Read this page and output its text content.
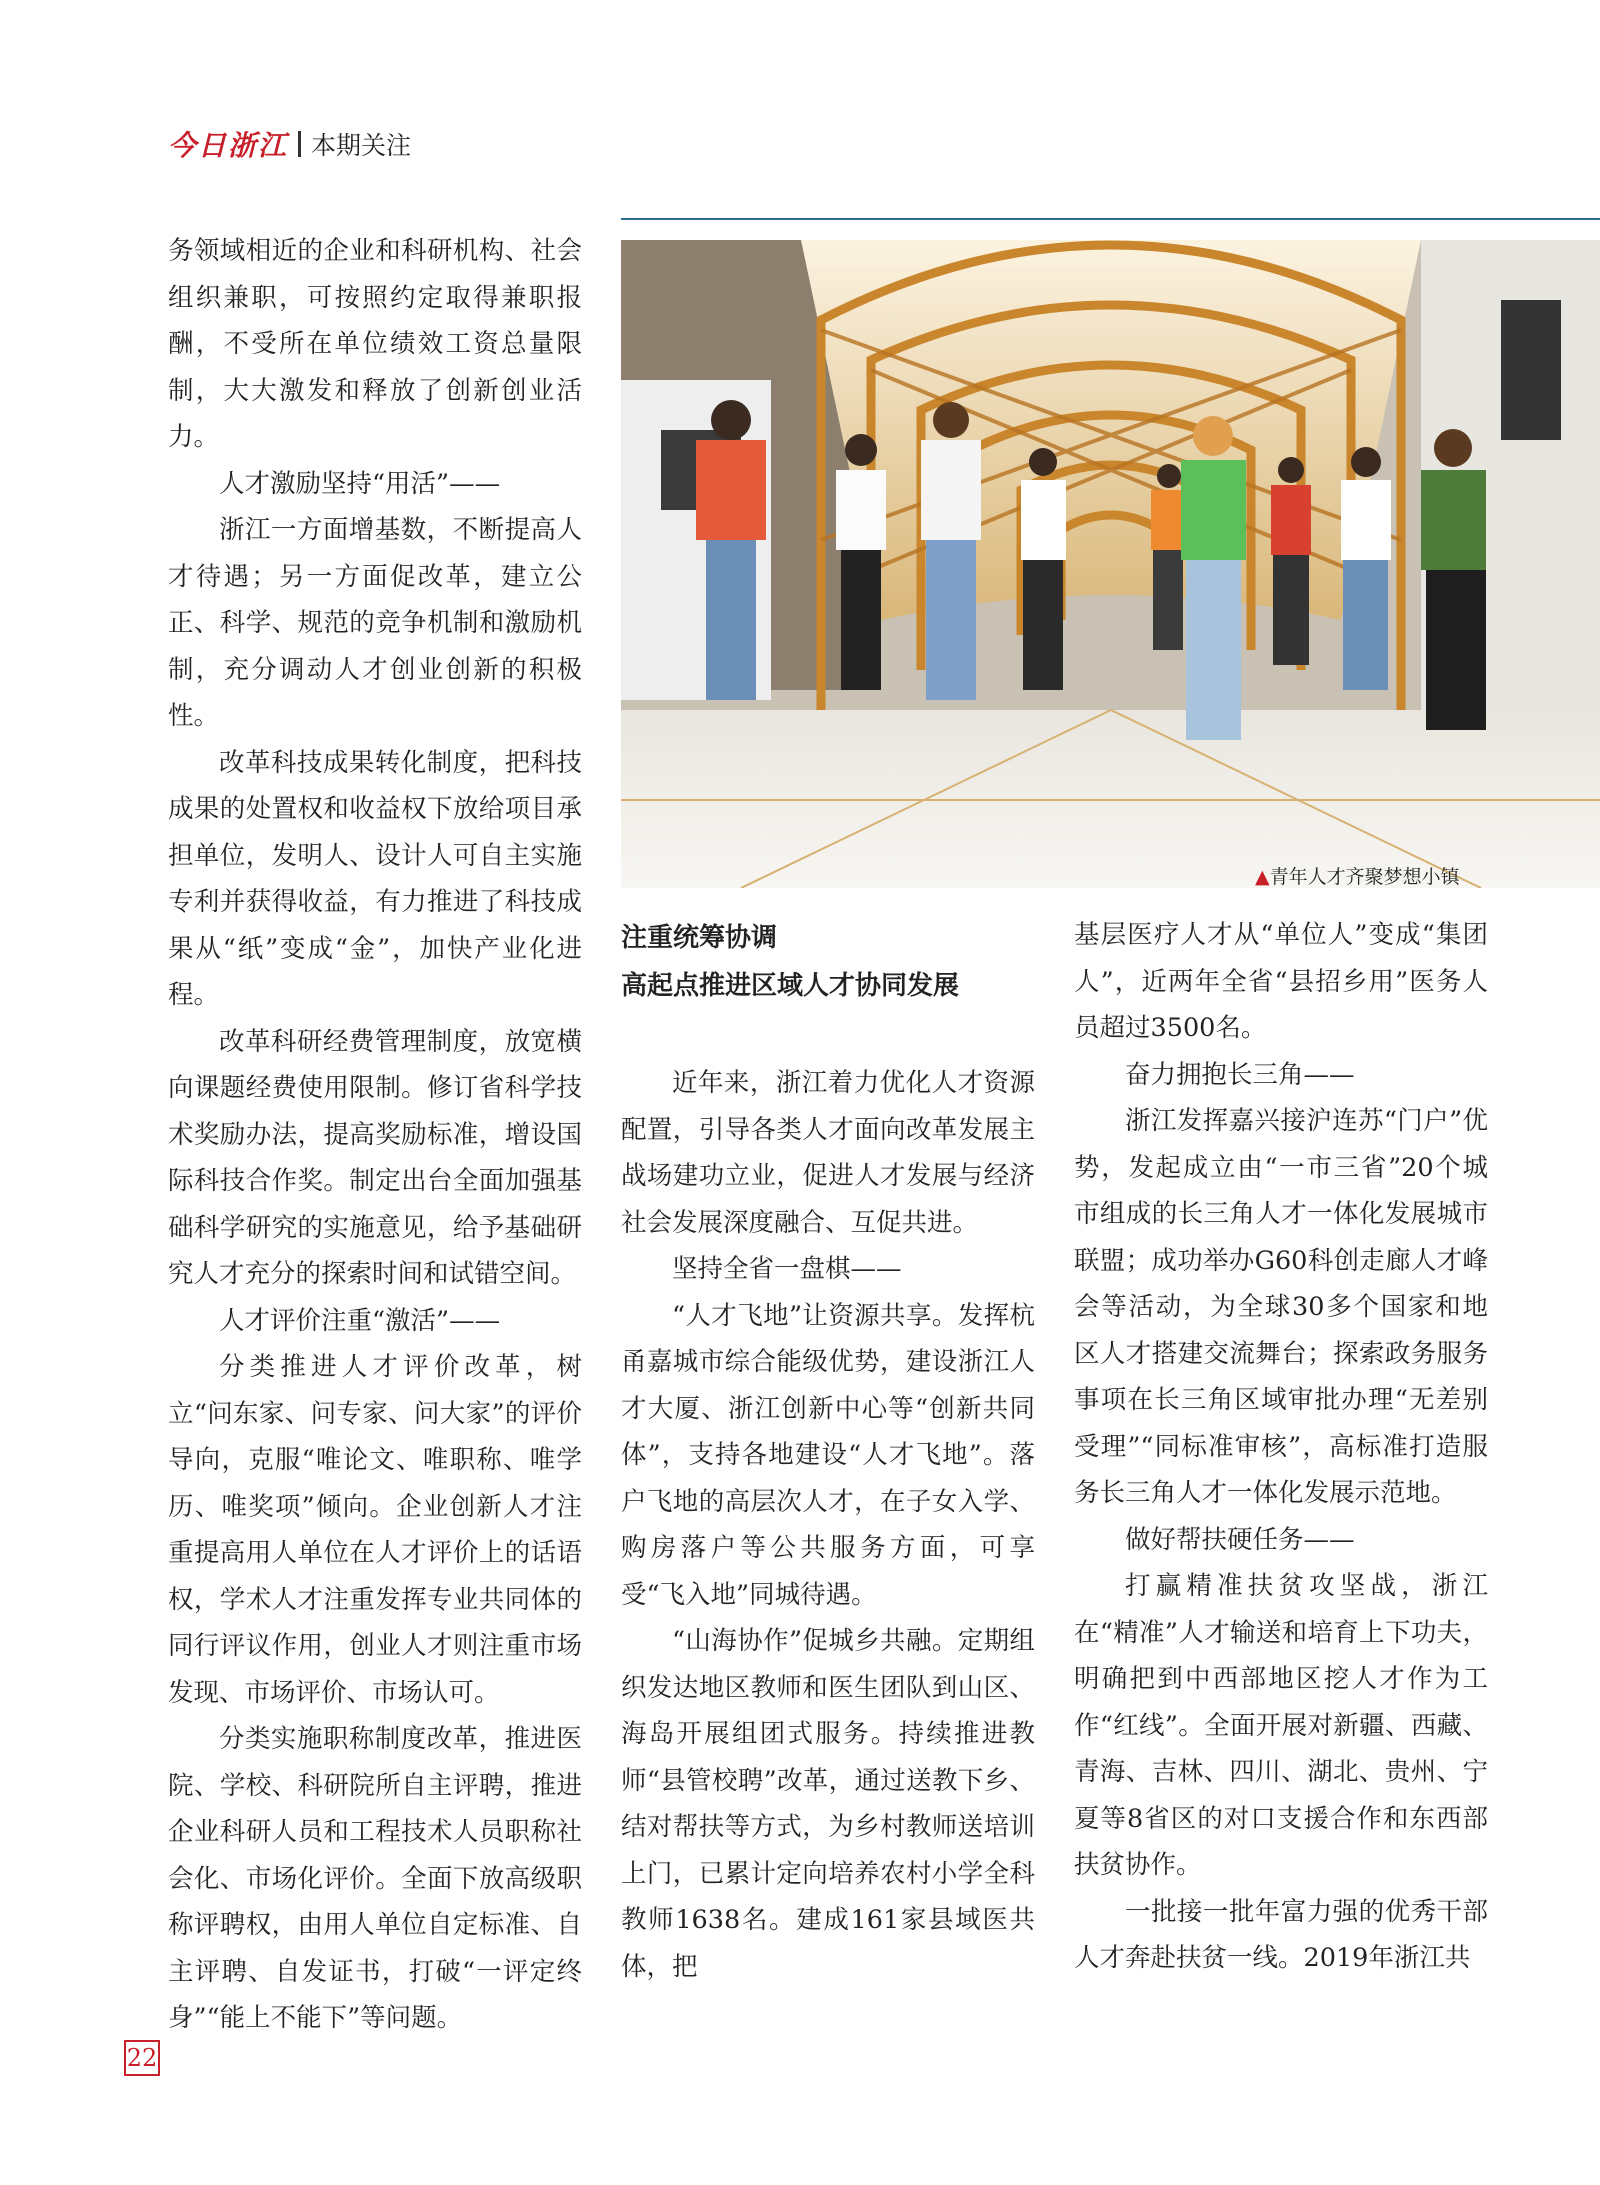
今日浙江 本期关注

务领域相近的企业和科研机构、社会组织兼职，可按照约定取得兼职报酬，不受所在单位绩效工资总量限制，大大激发和释放了创新创业活力。

人才激励坚持“用活”——

浙江一方面增基数，不断提高人才待遇；另一方面促改革，建立公正、科学、规范的竞争机制和激励机制，充分调动人才创业创新的积极性。

改革科技成果转化制度，把科技成果的处置权和收益权下放给项目承担单位，发明人、设计人可自主实施专利并获得收益，有力推进了科技成果从“纸”变成“金”，加快产业化进程。

改革科研经费管理制度，放宽横向课题经费使用限制。修订省科学技术奖励办法，提高奖励标准，增设国际科技合作奖。制定出台全面加强基础科学研究的实施意见，给予基础研究人才充分的探索时间和试错空间。

人才评价注重“激活”——

分类推进人才评价改革，树立“问东家、问专家、问大家”的评价导向，克服“唯论文、唯职称、唯学历、唯奖项”倾向。企业创新人才注重提高用人单位在人才评价上的话语权，学术人才注重发挥专业共同体的同行评议作用，创业人才则注重市场发现、市场评价、市场认可。

分类实施职称制度改革，推进医院、学校、科研院所自主评聘，推进企业科研人员和工程技术人员职称社会化、市场化评价。全面下放高级职称评聘权，由用人单位自定标准、自主评聘、自发证书，打破“一评定终身”“能上不能下”等问题。

▲青年人才齐聚梦想小镇
注重统筹协调
高起点推进区域人才协同发展

近年来，浙江着力优化人才资源配置，引导各类人才面向改革发展主战场建功立业，促进人才发展与经济社会发展深度融合、互促共进。

坚持全省一盘棋——

“人才飞地”让资源共享。发挥杭甬嘉城市综合能级优势，建设浙江人才大厦、浙江创新中心等“创新共同体”，支持各地建设“人才飞地”。落户飞地的高层次人才，在子女入学、购房落户等公共服务方面，可享受“飞入地”同城待遇。

“山海协作”促城乡共融。定期组织发达地区教师和医生团队到山区、海岛开展组团式服务。持续推进教师“县管校聘”改革，通过送教下乡、结对帮扶等方式，为乡村教师送培训上门，已累计定向培养农村小学全科教师1638名。建成161家县域医共体，把

基层医疗人才从“单位人”变成“集团人”，近两年全省“县招乡用”医务人员超过3500名。

奋力拥抱长三角——

浙江发挥嘉兴接沪连苏“门户”优势，发起成立由“一市三省”20个城市组成的长三角人才一体化发展城市联盟；成功举办G60科创走廊人才峰会等活动，为全球30多个国家和地区人才搭建交流舞台；探索政务服务事项在长三角区域审批办理“无差别受理”“同标准审核”，高标准打造服务长三角人才一体化发展示范地。

做好帮扶硬任务——

打赢精准扶贫攻坚战，浙江在“精准”人才输送和培育上下功夫，明确把到中西部地区挖人才作为工作“红线”。全面开展对新疆、西藏、青海、吉林、四川、湖北、贵州、宁夏等8省区的对口支援合作和东西部扶贫协作。

一批接一批年富力强的优秀干部人才奔赴扶贫一线。2019年浙江共

22
